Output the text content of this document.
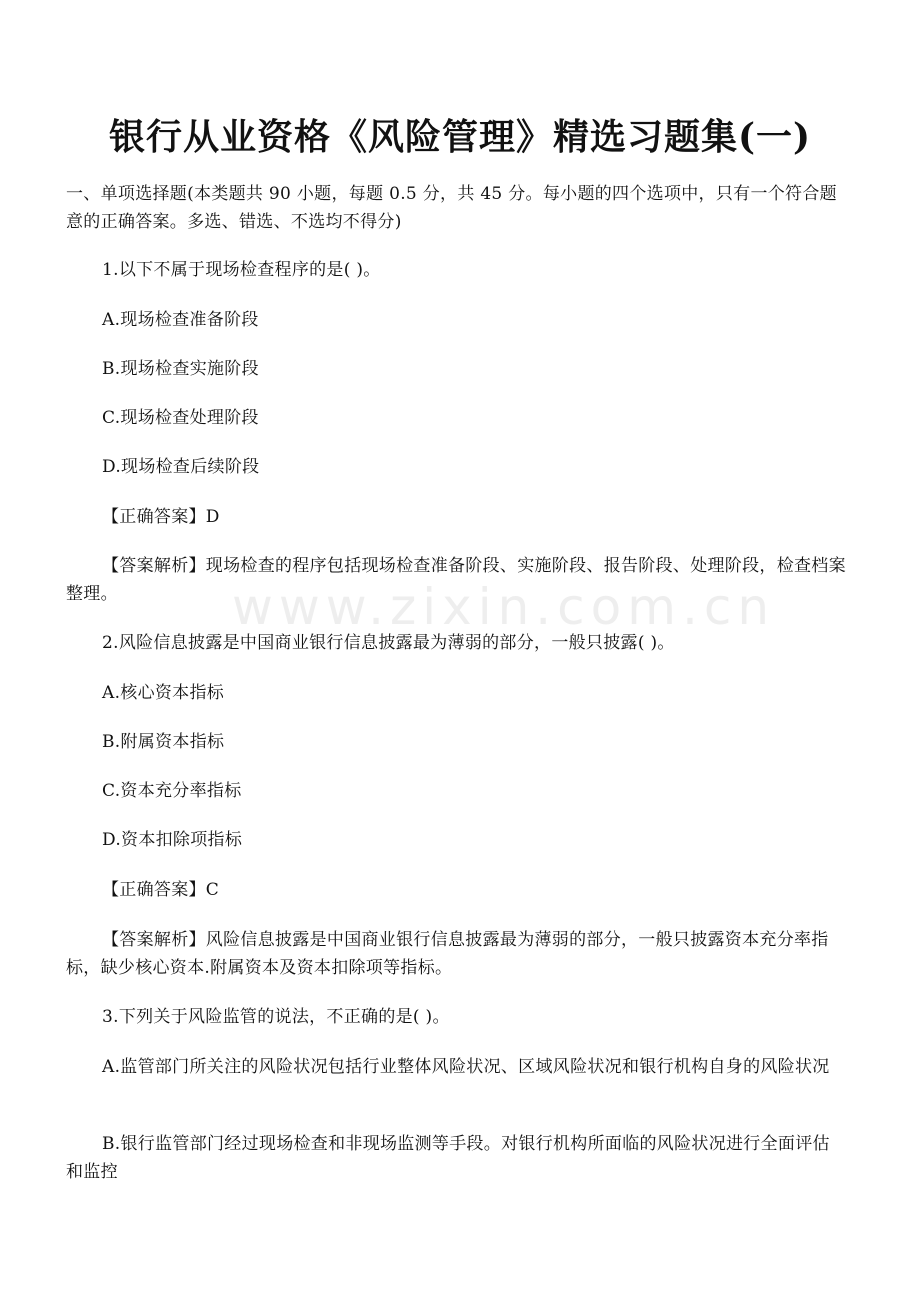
www.zixin.com.cn
银行从业资格《风险管理》精选习题集(一)
一、单项选择题(本类题共 90 小题，每题 0.5 分，共 45 分。每小题的四个选项中，只有一个符合题意的正确答案。多选、错选、不选均不得分)
1.以下不属于现场检查程序的是( )。
A.现场检查准备阶段
B.现场检查实施阶段
C.现场检查处理阶段
D.现场检查后续阶段
【正确答案】D
【答案解析】现场检查的程序包括现场检查准备阶段、实施阶段、报告阶段、处理阶段，检查档案整理。
2.风险信息披露是中国商业银行信息披露最为薄弱的部分，一般只披露( )。
A.核心资本指标
B.附属资本指标
C.资本充分率指标
D.资本扣除项指标
【正确答案】C
【答案解析】风险信息披露是中国商业银行信息披露最为薄弱的部分，一般只披露资本充分率指标，缺少核心资本.附属资本及资本扣除项等指标。
3.下列关于风险监管的说法，不正确的是( )。
A.监管部门所关注的风险状况包括行业整体风险状况、区域风险状况和银行机构自身的风险状况
B.银行监管部门经过现场检查和非现场监测等手段。对银行机构所面临的风险状况进行全面评估和监控
